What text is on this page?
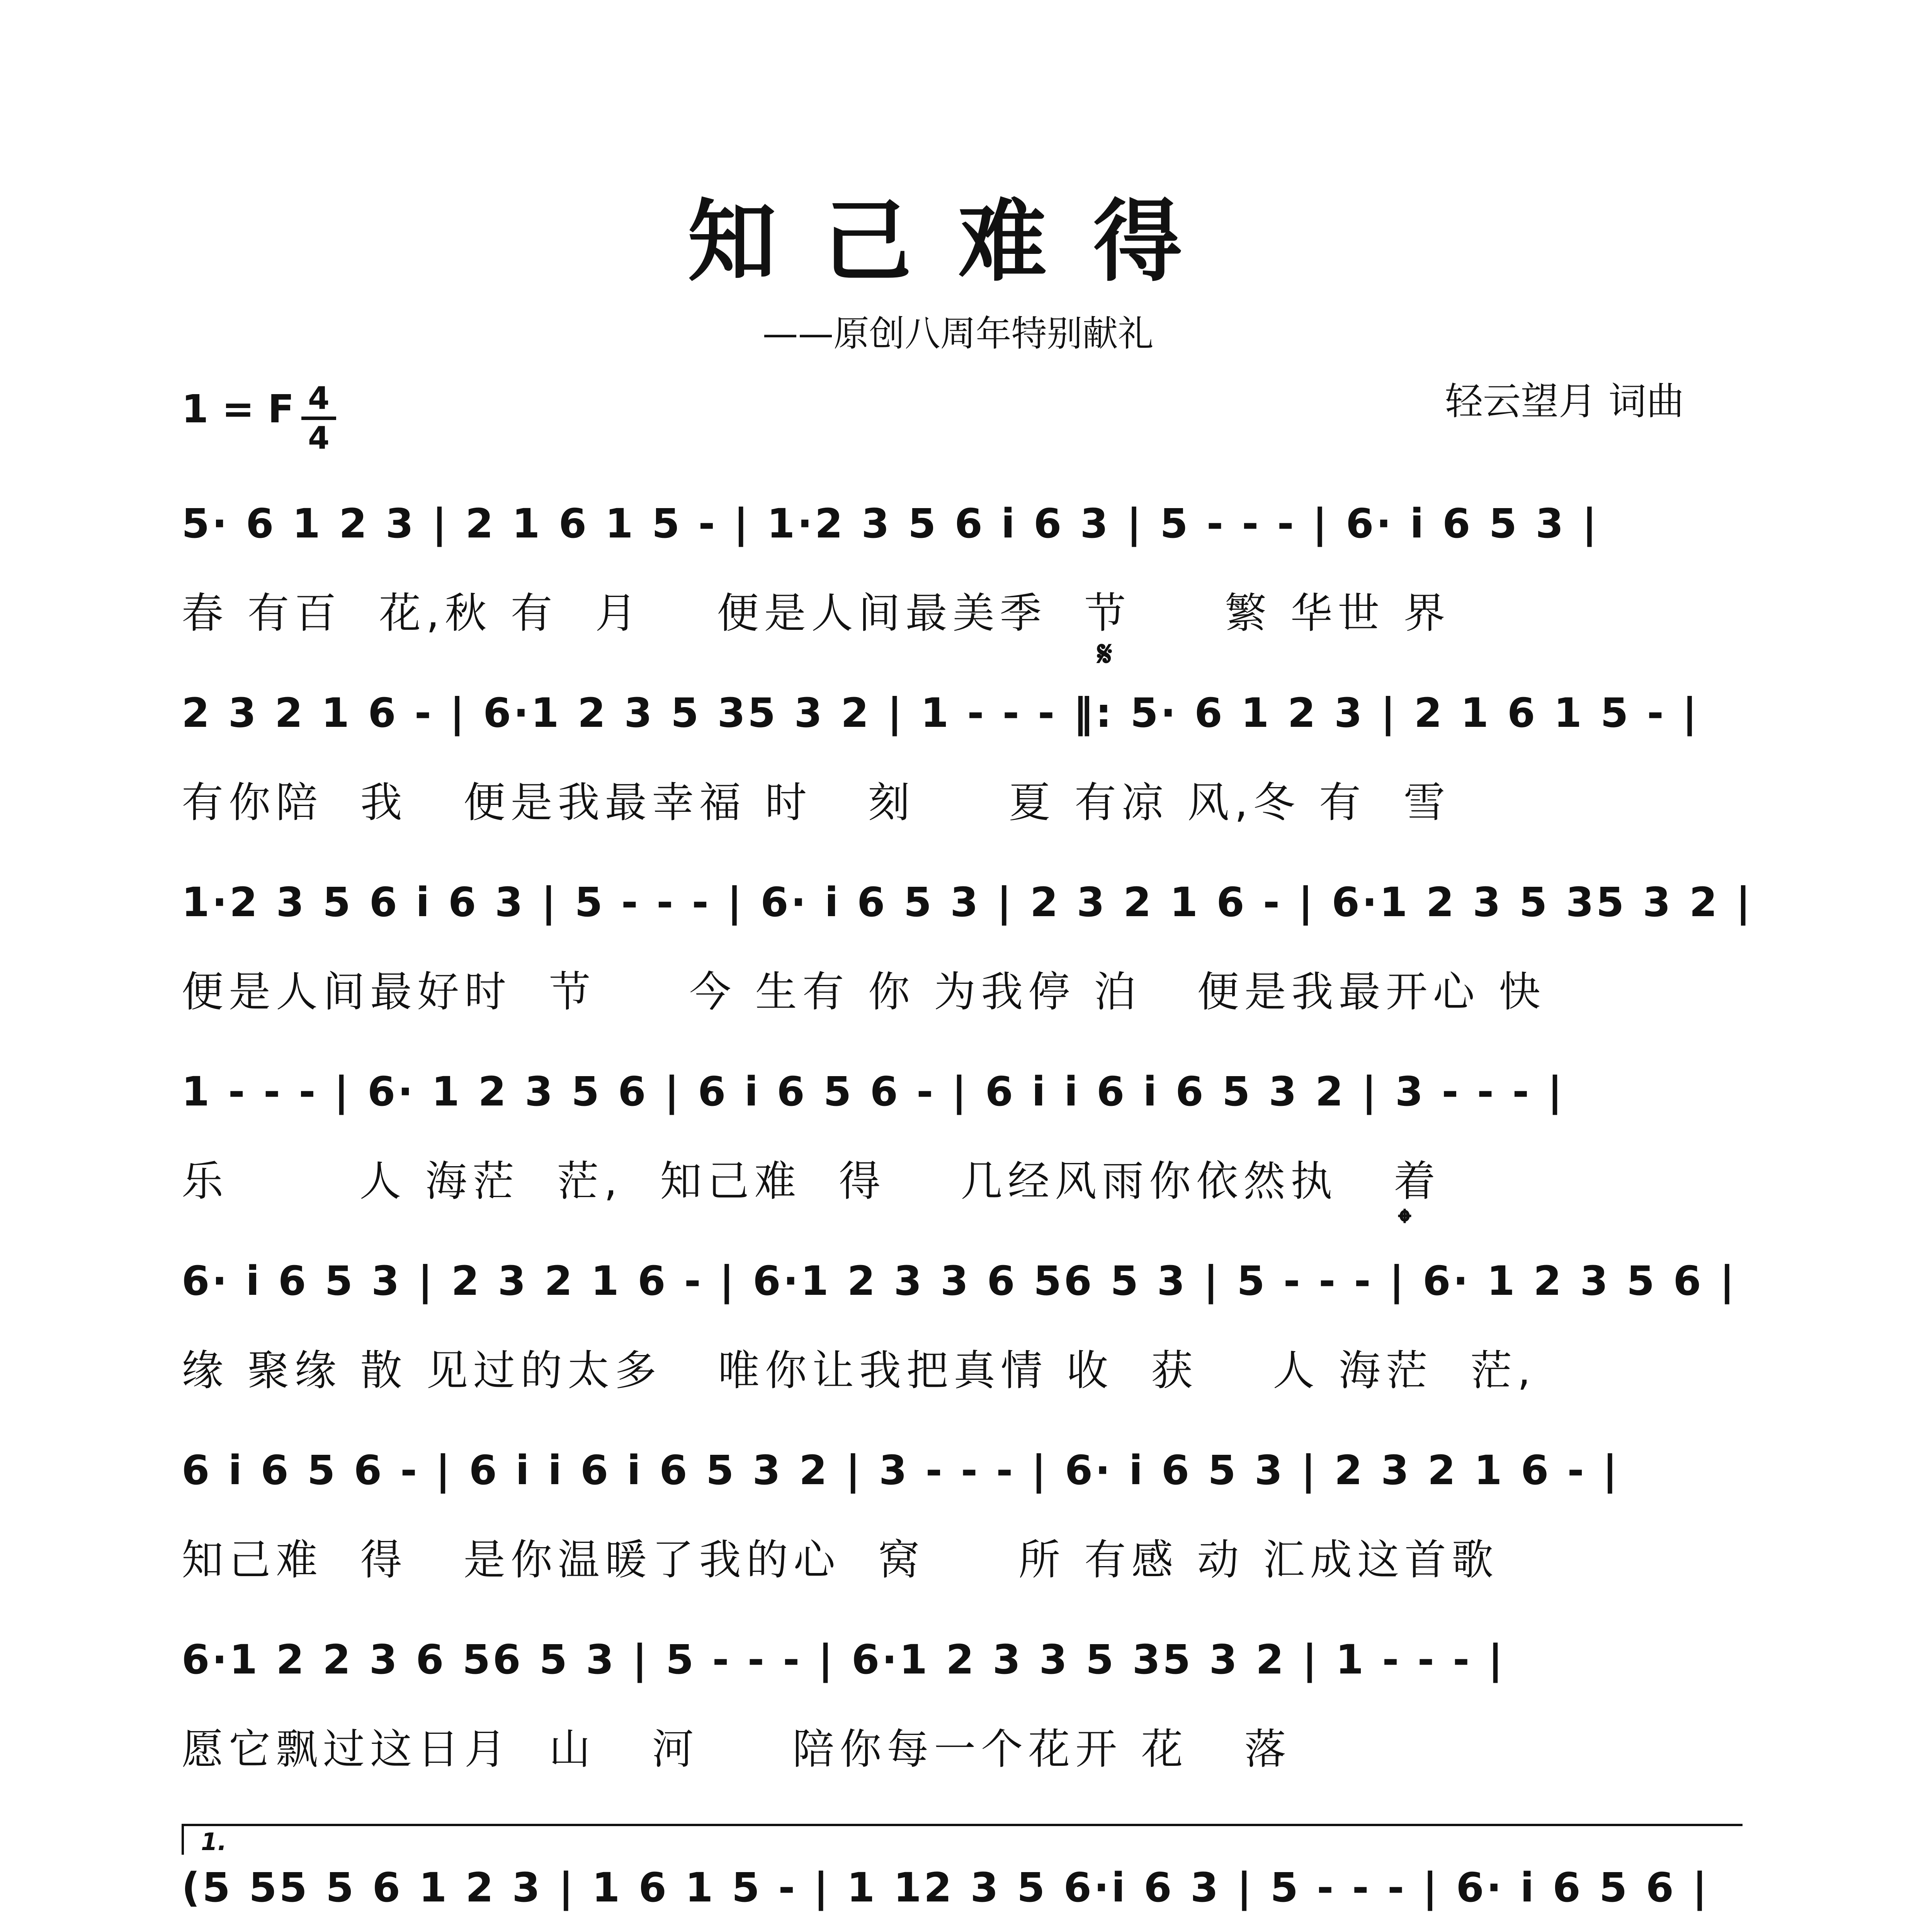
知己难得
——原创八周年特别献礼
1 = F 4
4
轻云望月 词曲
5· 6 1 2 3 | 2 1 6 1 5 - | 1·2 3 5 6 i 6 3 | 5 - - - | 6· i 6 5 3 |
春 有百  花,秋 有  月    便是人间最美季  节     繁 华世 界
2 3 2 1 6 - | 6·1 2 3 5 35 3 2 | 1 - - - ‖: 5· 6 1 2 3 | 2 1 6 1 5 - |
有你陪  我   便是我最幸福 时   刻     夏 有凉 风,冬 有  雪
𝄋
1·2 3 5 6 i 6 3 | 5 - - - | 6· i 6 5 3 | 2 3 2 1 6 - | 6·1 2 3 5 35 3 2 |
便是人间最好时  节     今 生有 你 为我停 泊   便是我最开心 快
1 - - - | 6· 1 2 3 5 6 | 6 i 6 5 6 - | 6 i i 6 i 6 5 3 2 | 3 - - - |
乐       人 海茫  茫,  知己难  得    几经风雨你依然执   着
6· i 6 5 3 | 2 3 2 1 6 - | 6·1 2 3 3 6 56 5 3 | 5 - - - | 6· 1 2 3 5 6 |
缘 聚缘 散 见过的太多   唯你让我把真情 收  获    人 海茫  茫,
𝄌
6 i 6 5 6 - | 6 i i 6 i 6 5 3 2 | 3 - - - | 6· i 6 5 3 | 2 3 2 1 6 - |
知己难  得   是你温暖了我的心  窝     所 有感 动 汇成这首歌
6·1 2 2 3 6 56 5 3 | 5 - - - | 6·1 2 3 3 5 35 3 2 | 1 - - - |
愿它飘过这日月  山   河     陪你每一个花开 花   落
1.
(5 55 5 6 1 2 3 | 1 6 1 5 - | 1 12 3 5 6·i 6 3 | 5 - - - | 6· i 6 5 6 |
